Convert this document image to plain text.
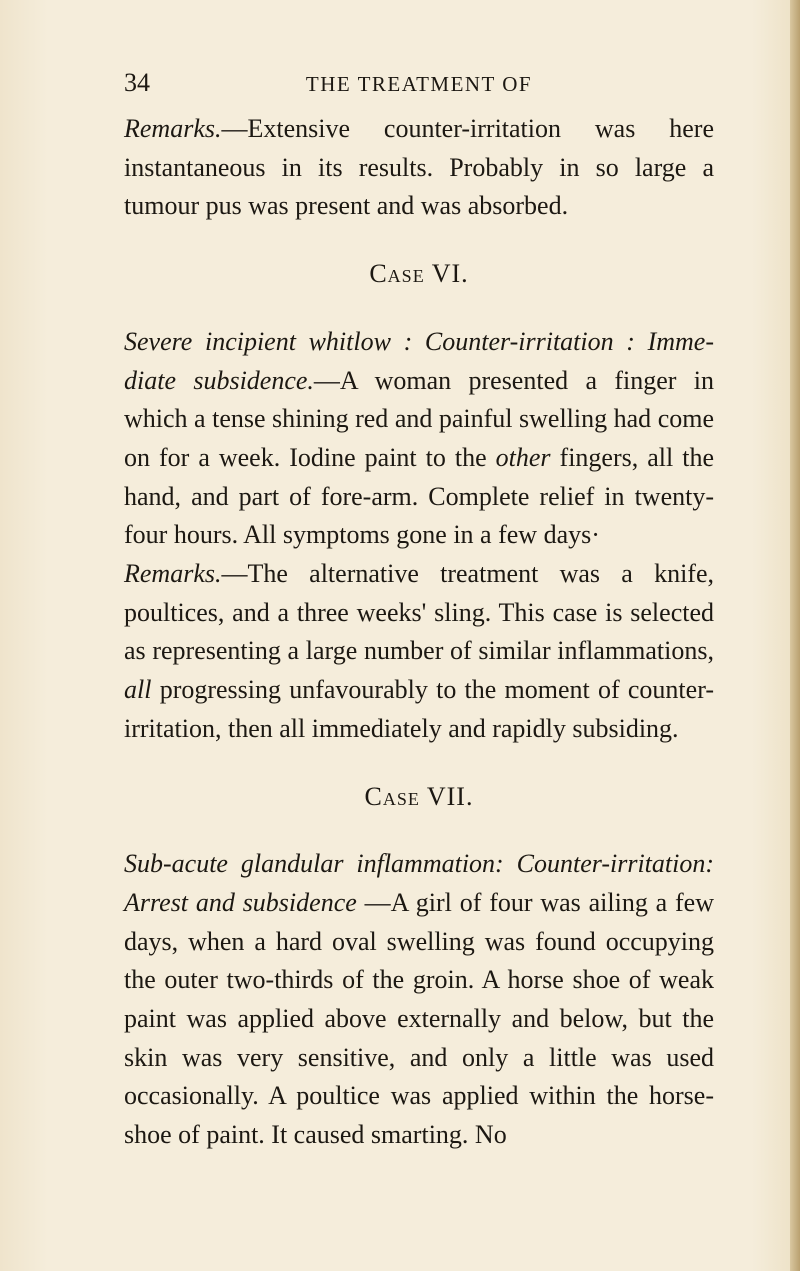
34	THE TREATMENT OF

Remarks.—Extensive counter-irritation was here instantaneous in its results. Probably in so large a tumour pus was present and was absorbed.

Case VI.

Severe incipient whitlow : Counter-irritation : Imme-diate subsidence.—A woman presented a finger in which a tense shining red and painful swelling had come on for a week. Iodine paint to the other fingers, all the hand, and part of fore-arm. Complete relief in twenty-four hours. All symptoms gone in a few days·

Remarks.—The alternative treatment was a knife, poultices, and a three weeks' sling. This case is selected as representing a large number of similar inflammations, all progressing unfavourably to the moment of counter-irritation, then all immediately and rapidly subsiding.

Case VII.

Sub-acute glandular inflammation: Counter-irritation: Arrest and subsidence —A girl of four was ailing a few days, when a hard oval swelling was found occupying the outer two-thirds of the groin. A horse shoe of weak paint was applied above externally and below, but the skin was very sensitive, and only a little was used occasionally. A poultice was applied within the horse-shoe of paint. It caused smarting. No
